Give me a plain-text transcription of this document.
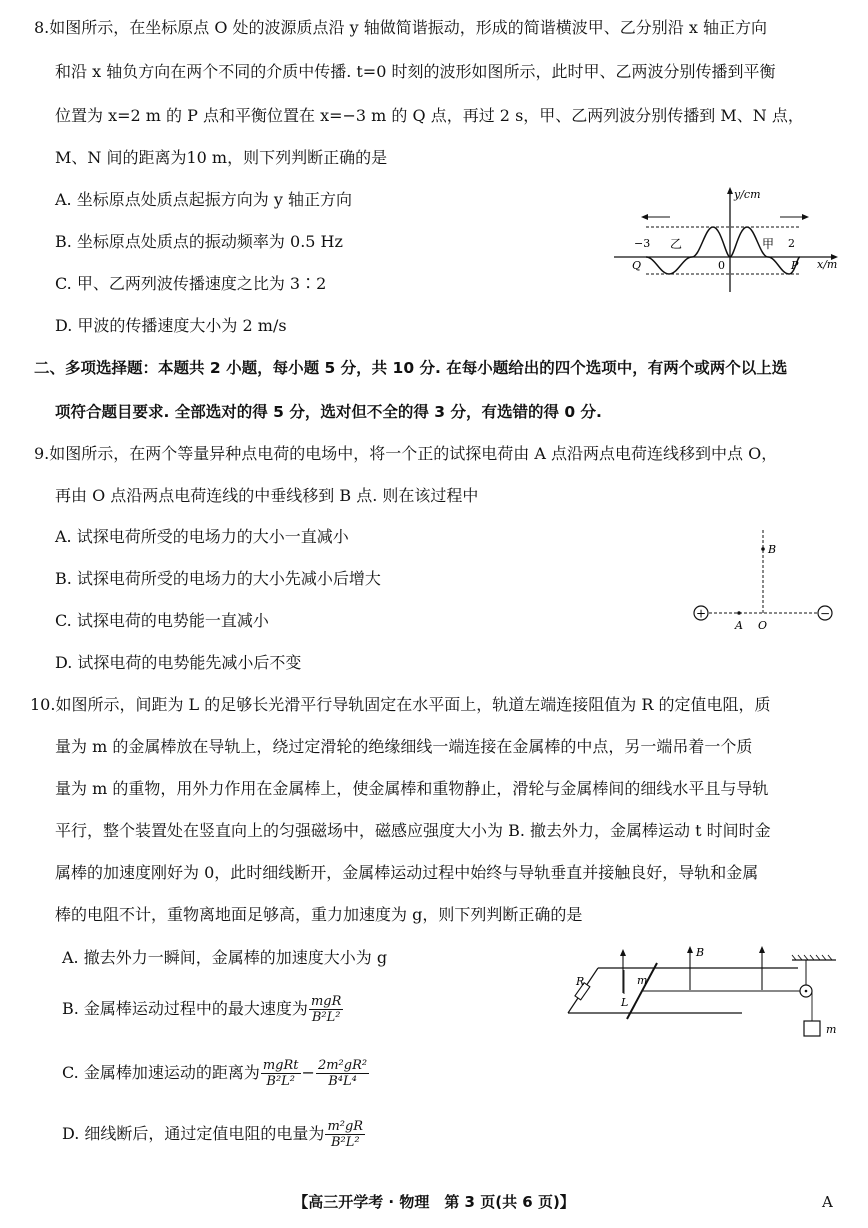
8.如图所示，在坐标原点 O 处的波源质点沿 y 轴做简谐振动，形成的简谐横波甲、乙分别沿 x 轴正方向
和沿 x 轴负方向在两个不同的介质中传播. t=0 时刻的波形如图所示，此时甲、乙两波分别传播到平衡
位置为 x=2 m 的 P 点和平衡位置在 x=−3 m 的 Q 点，再过 2 s，甲、乙两列波分别传播到 M、N 点，
M、N 间的距离为10 m，则下列判断正确的是
A. 坐标原点处质点起振方向为 y 轴正方向
B. 坐标原点处质点的振动频率为 0.5 Hz
C. 甲、乙两列波传播速度之比为 3∶2
D. 甲波的传播速度大小为 2 m/s
y/cm
x/m
−3
0
2
乙	甲
Q	P
二、多项选择题：本题共 2 小题，每小题 5 分，共 10 分. 在每小题给出的四个选项中，有两个或两个以上选
项符合题目要求. 全部选对的得 5 分，选对但不全的得 3 分，有选错的得 0 分.
9.如图所示，在两个等量异种点电荷的电场中，将一个正的试探电荷由 A 点沿两点电荷连线移到中点 O，
再由 O 点沿两点电荷连线的中垂线移到 B 点. 则在该过程中
A. 试探电荷所受的电场力的大小一直减小
B. 试探电荷所受的电场力的大小先减小后增大
C. 试探电荷的电势能一直减小
D. 试探电荷的电势能先减小后不变
+	−
A O
B
10.如图所示，间距为 L 的足够长光滑平行导轨固定在水平面上，轨道左端连接阻值为 R 的定值电阻，质
量为 m 的金属棒放在导轨上，绕过定滑轮的绝缘细线一端连接在金属棒的中点，另一端吊着一个质
量为 m 的重物，用外力作用在金属棒上，使金属棒和重物静止，滑轮与金属棒间的细线水平且与导轨
平行，整个装置处在竖直向上的匀强磁场中，磁感应强度大小为 B. 撤去外力，金属棒运动 t 时间时金
属棒的加速度刚好为 0，此时细线断开，金属棒运动过程中始终与导轨垂直并接触良好，导轨和金属
棒的电阻不计，重物离地面足够高，重力加速度为 g，则下列判断正确的是
A. 撤去外力一瞬间，金属棒的加速度大小为 g
B. 金属棒运动过程中的最大速度为 $\frac{\text{mgR}}{\text{B²L²}}$
C. 金属棒加速运动的距离为 $\frac{\text{mgRt}}{\text{B²L²}} - \frac{\text{2m²gR²}}{\text{B⁴L⁴}}$
D. 细线断后，通过定值电阻的电量为 $\frac{\text{m²gR}}{\text{B²L²}}$
R
L
m
B
m
【高三开学考 · 物理　第 3 页(共 6 页)】	A
